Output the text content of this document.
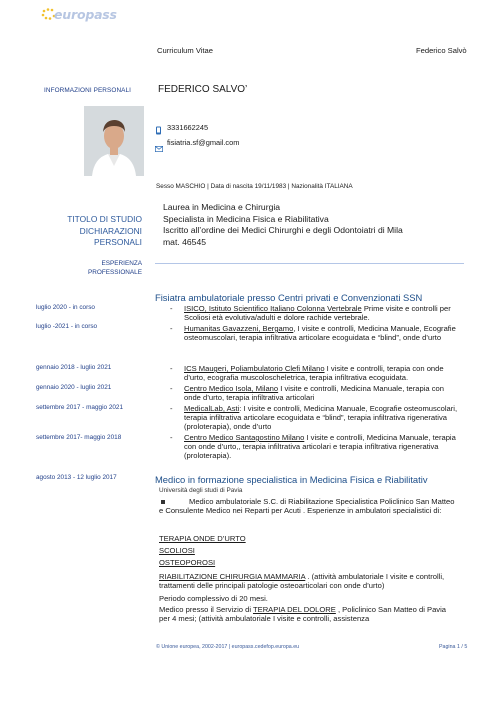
europass
Curriculum Vitae	Federico Salvò
INFORMAZIONI PERSONALI	FEDERICO SALVO’
3331662245
fisiatria.sf@gmail.com
Sesso MASCHIO | Data di nascita 19/11/1983 | Nazionalità ITALIANA
TITOLO DI STUDIO
DICHIARAZIONI
PERSONALI
Laurea in Medicina e Chirurgia
Specialista in Medicina Fisica e Riabilitativa
Iscritto all’ordine dei Medici Chirurghi e degli Odontoiatri di Mila
mat. 46545
ESPERIENZA
PROFESSIONALE
Fisiatra ambulatoriale presso Centri privati e Convenzionati SSN
luglio 2020 - in corso	- ISICO, Istituto Scientifico Italiano Colonna Vertebrale Prime visite e controlli per Scoliosi età evolutiva/adulti e dolore rachide vertebrale.
luglio -2021 - in corso	- Humanitas Gavazzeni, Bergamo, I visite e controlli, Medicina Manuale, Ecografie osteomuscolari, terapia infiltrativa articolare ecoguidata e “blind”, onde d’urto
gennaio 2018 - luglio 2021	- ICS Maugeri, Poliambulatorio Clefi Milano I visite e controlli, terapia con onde d’urto, ecografia muscoloscheletrica, terapia infiltrativa ecoguidata.
gennaio 2020 - luglio 2021	- Centro Medico Isola, Milano I visite e controlli, Medicina Manuale, terapia con onde d’urto, terapia infiltrativa articolari
settembre 2017 - maggio 2021	- MedicalLab, Asti: I visite e controlli, Medicina Manuale, Ecografie osteomuscolari, terapia infiltrativa articolare ecoguidata e “blind”, terapia infiltrativa rigenerativa (proloterapia), onde d’urto
settembre 2017- maggio 2018	- Centro Medico Santagostino Milano I visite e controlli, Medicina Manuale, terapia con onde d’urto,, terapia infiltrativa articolari e terapia infiltrativa rigenerativa (proloterapia).
agosto 2013 - 12 luglio 2017	Medico in formazione specialistica in Medicina Fisica e Riabilitativ
Università degli studi di Pavia
Medico ambulatoriale S.C. di Riabilitazione Specialistica Policlinico San Matteo e Consulente Medico nei Reparti per Acuti . Esperienze in ambulatori specialistici di:
TERAPIA ONDE D’URTO
SCOLIOSI
OSTEOPOROSI
RIABILITAZIONE CHIRURGIA MAMMARIA . (attività ambulatoriale I visite e controlli, trattamenti delle principali patologie osteoarticolari con onde d’urto)
Periodo complessivo di 20 mesi.
Medico presso il Servizio di TERAPIA DEL DOLORE , Policlinico San Matteo di Pavia per 4 mesi; (attività ambulatoriale I visite e controlli, assistenza
© Unione europea, 2002-2017 | europass.cedefop.europa.eu	Pagina 1 / 5
